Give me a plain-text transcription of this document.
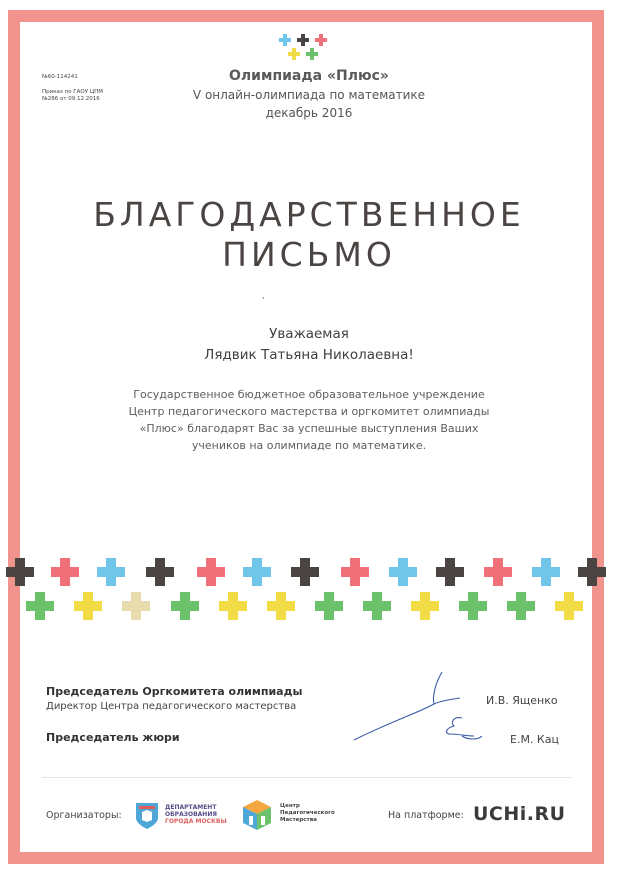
№60-114241
Приказ по ГАОУ ЦПМ
№286 от 09.12.2016
Олимпиада «Плюс»
V онлайн-олимпиада по математике
декабрь 2016
БЛАГОДАРСТВЕННОЕ
ПИСЬМО
,
Уважаемая
Лядвик Татьяна Николаевна!
Государственное бюджетное образовательное учреждение
Центр педагогического мастерства и оргкомитет олимпиады
«Плюс» благодарят Вас за успешные выступления Ваших
учеников на олимпиаде по математике.
Председатель Оргкомитета олимпиады
Директор Центра педагогического мастерства
Председатель жюри
И.В. Ященко
Е.М. Кац
Организаторы:
ДЕПАРТАМЕНТ
ОБРАЗОВАНИЯ
ГОРОДА МОСКВЫ
Центр
Педагогического
Мастерства	На платформе: UCHi.RU
